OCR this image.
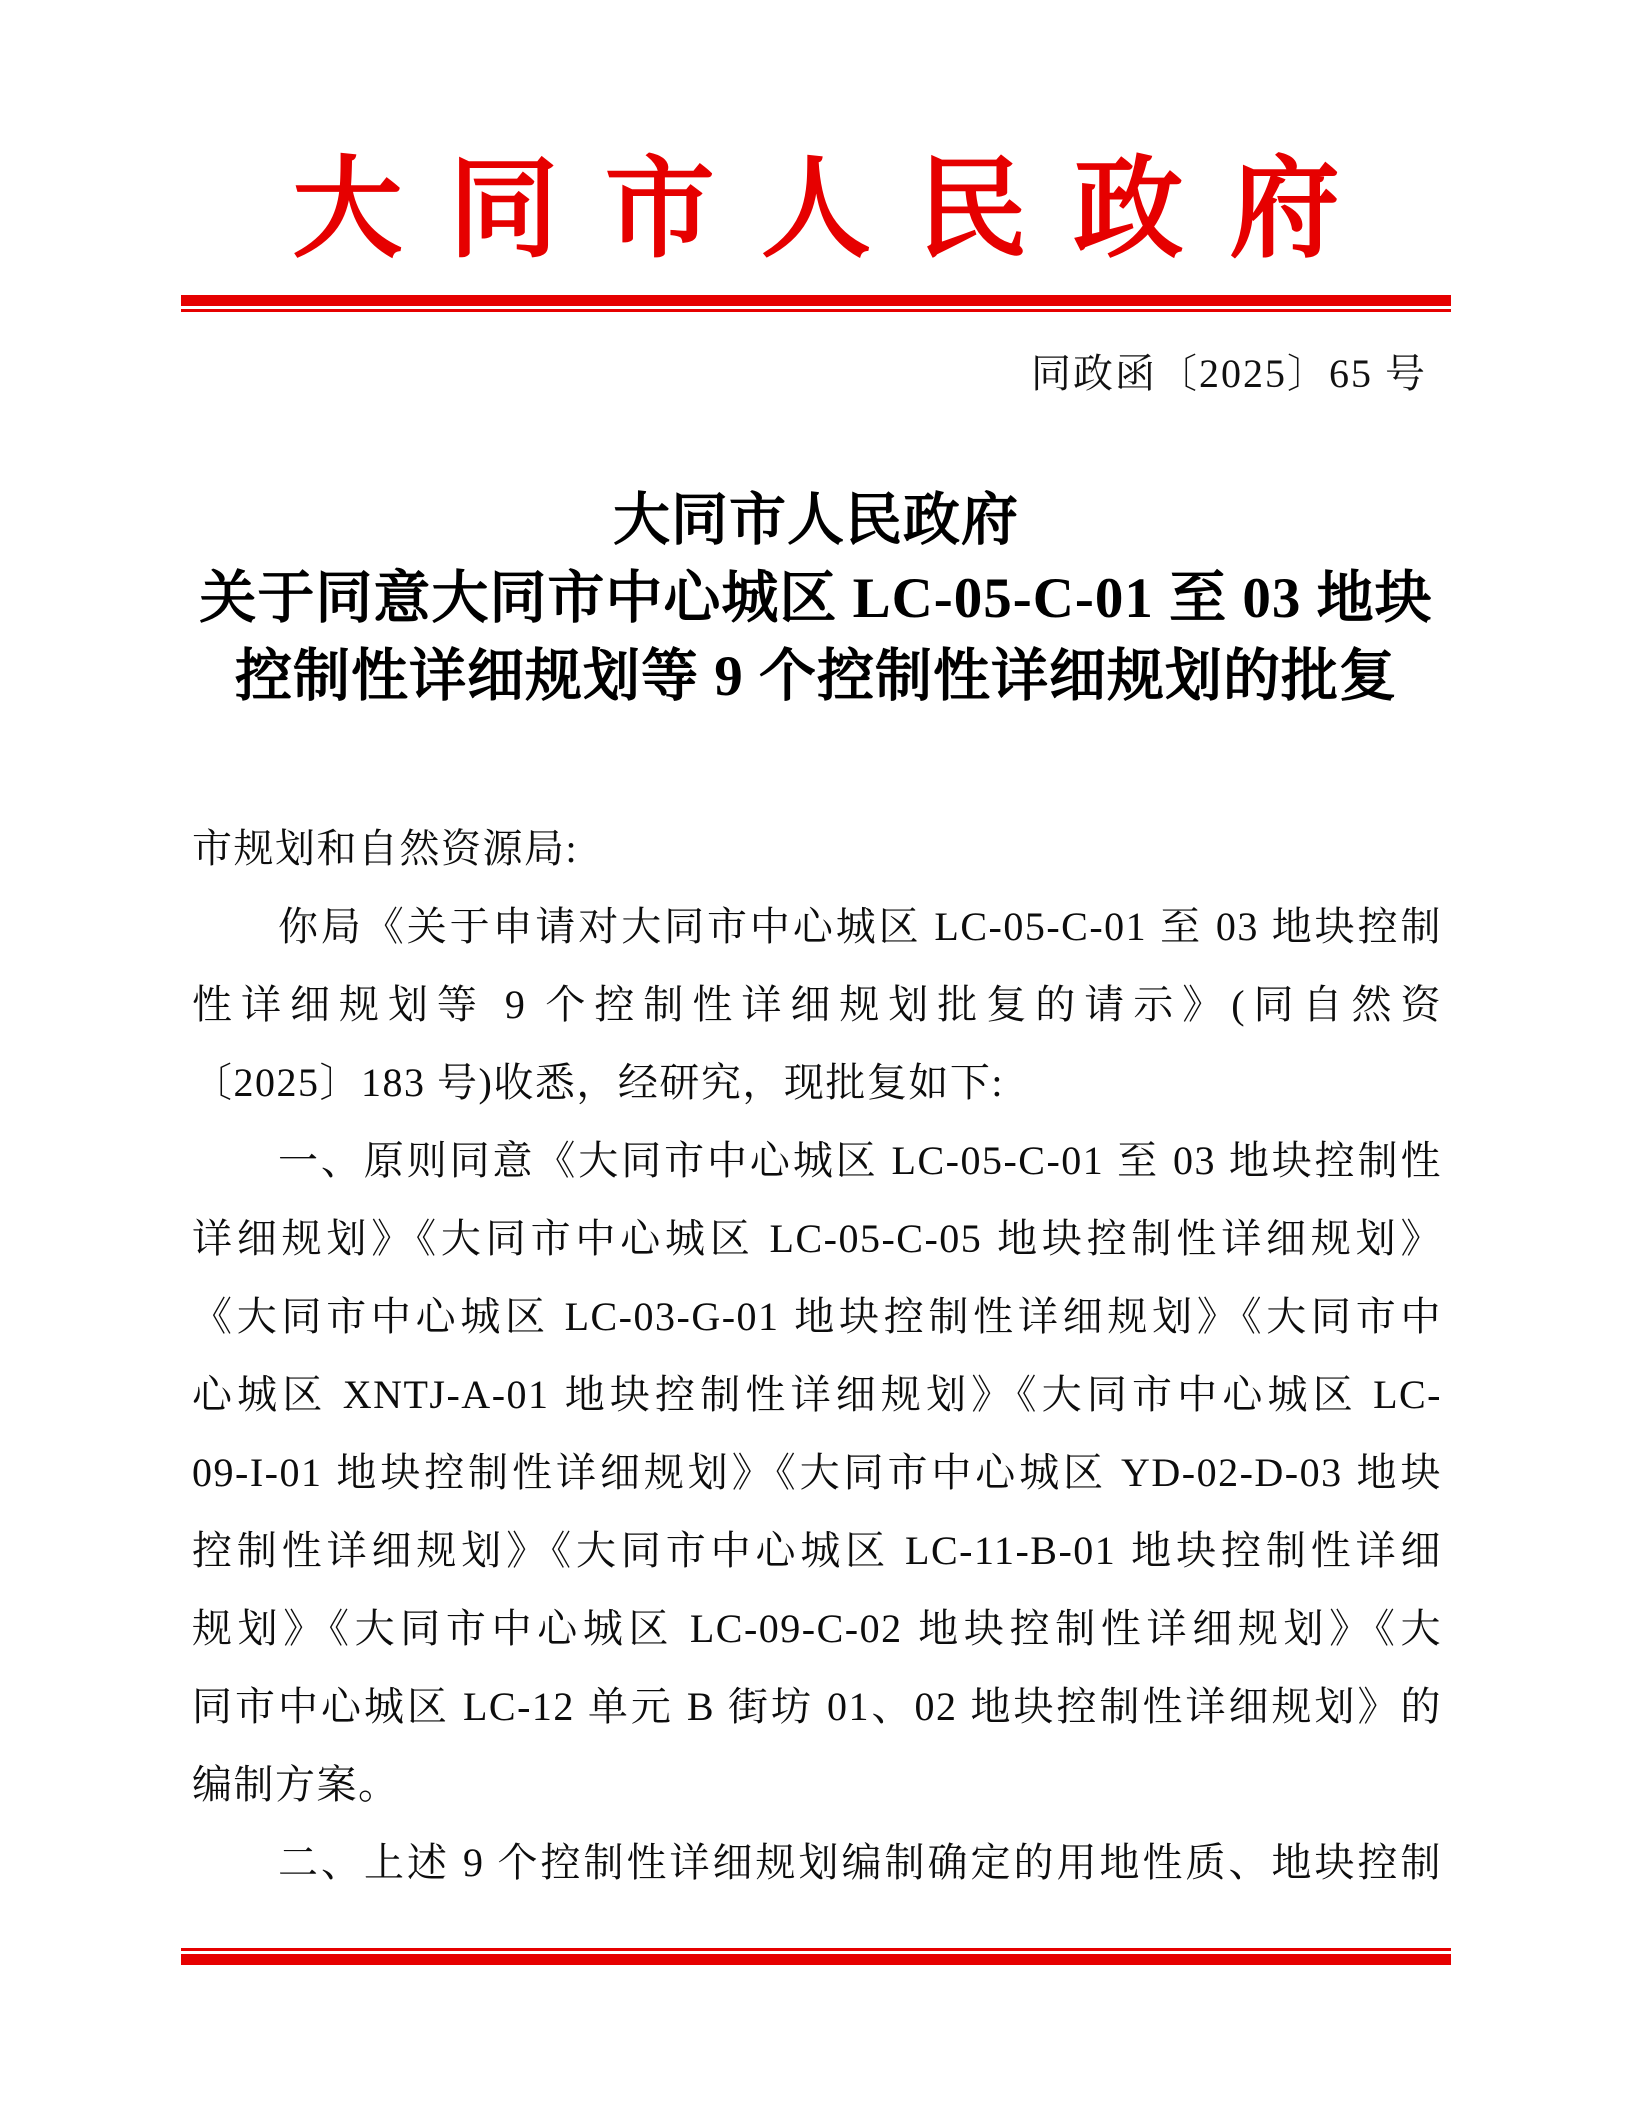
大同市人民政府
同政函〔2025〕65 号
大同市人民政府
关于同意大同市中心城区 LC-05-C-01 至 03 地块
控制性详细规划等 9 个控制性详细规划的批复
市规划和自然资源局:
你局《关于申请对大同市中心城区 LC-05-C-01 至 03 地块控制
性详细规划等 9 个控制性详细规划批复的请示》(同自然资
〔2025〕183 号)收悉，经研究，现批复如下:
一、原则同意《大同市中心城区 LC-05-C-01 至 03 地块控制性
详细规划》《大同市中心城区 LC-05-C-05 地块控制性详细规划》
《大同市中心城区 LC-03-G-01 地块控制性详细规划》《大同市中
心城区 XNTJ-A-01 地块控制性详细规划》《大同市中心城区 LC-
09-I-01 地块控制性详细规划》《大同市中心城区 YD-02-D-03 地块
控制性详细规划》《大同市中心城区 LC-11-B-01 地块控制性详细
规划》《大同市中心城区 LC-09-C-02 地块控制性详细规划》《大
同市中心城区 LC-12 单元 B 街坊 01、02 地块控制性详细规划》的
编制方案。
二、上述 9 个控制性详细规划编制确定的用地性质、地块控制
